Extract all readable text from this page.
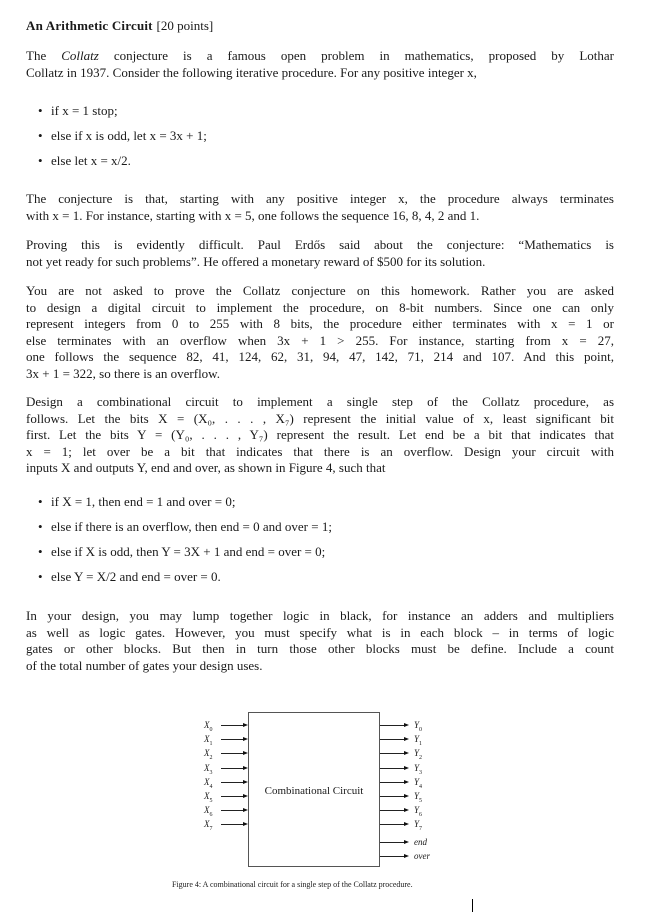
An Arithmetic Circuit [20 points]

The Collatz conjecture is a famous open problem in mathematics, proposed by Lothar
Collatz in 1937. Consider the following iterative procedure. For any positive integer x,

• if x = 1 stop;
• else if x is odd, let x = 3x + 1;
• else let x = x/2.

The conjecture is that, starting with any positive integer x, the procedure always terminates
with x = 1. For instance, starting with x = 5, one follows the sequence 16, 8, 4, 2 and 1.

Proving this is evidently difficult. Paul Erdős said about the conjecture: “Mathematics is
not yet ready for such problems”. He offered a monetary reward of $500 for its solution.

You are not asked to prove the Collatz conjecture on this homework. Rather you are asked
to design a digital circuit to implement the procedure, on 8-bit numbers. Since one can only
represent integers from 0 to 255 with 8 bits, the procedure either terminates with x = 1 or
else terminates with an overflow when 3x + 1 > 255. For instance, starting from x = 27,
one follows the sequence 82, 41, 124, 62, 31, 94, 47, 142, 71, 214 and 107. And this point,
3x + 1 = 322, so there is an overflow.

Design a combinational circuit to implement a single step of the Collatz procedure, as
follows. Let the bits X = (X₀, . . . , X₇) represent the initial value of x, least significant bit
first. Let the bits Y = (Y₀, . . . , Y₇) represent the result. Let end be a bit that indicates that
x = 1; let over be a bit that indicates that there is an overflow. Design your circuit with
inputs X and outputs Y, end and over, as shown in Figure 4, such that

• if X = 1, then end = 1 and over = 0;
• else if there is an overflow, then end = 0 and over = 1;
• else if X is odd, then Y = 3X + 1 and end = over = 0;
• else Y = X/2 and end = over = 0.

In your design, you may lump together logic in black, for instance an adders and multipliers
as well as logic gates. However, you must specify what is in each block – in terms of logic
gates or other blocks. But then in turn those other blocks must be define. Include a count
of the total number of gates your design uses.

Combinational Circuit
$X_0$
$X_1$
$X_2$
$X_3$
$X_4$
$X_5$
$X_6$
$X_7$
$Y_0$
$Y_1$
$Y_2$
$Y_3$
$Y_4$
$Y_5$
$Y_6$
$Y_7$
end
over
Figure 4: A combinational circuit for a single step of the Collatz procedure.
